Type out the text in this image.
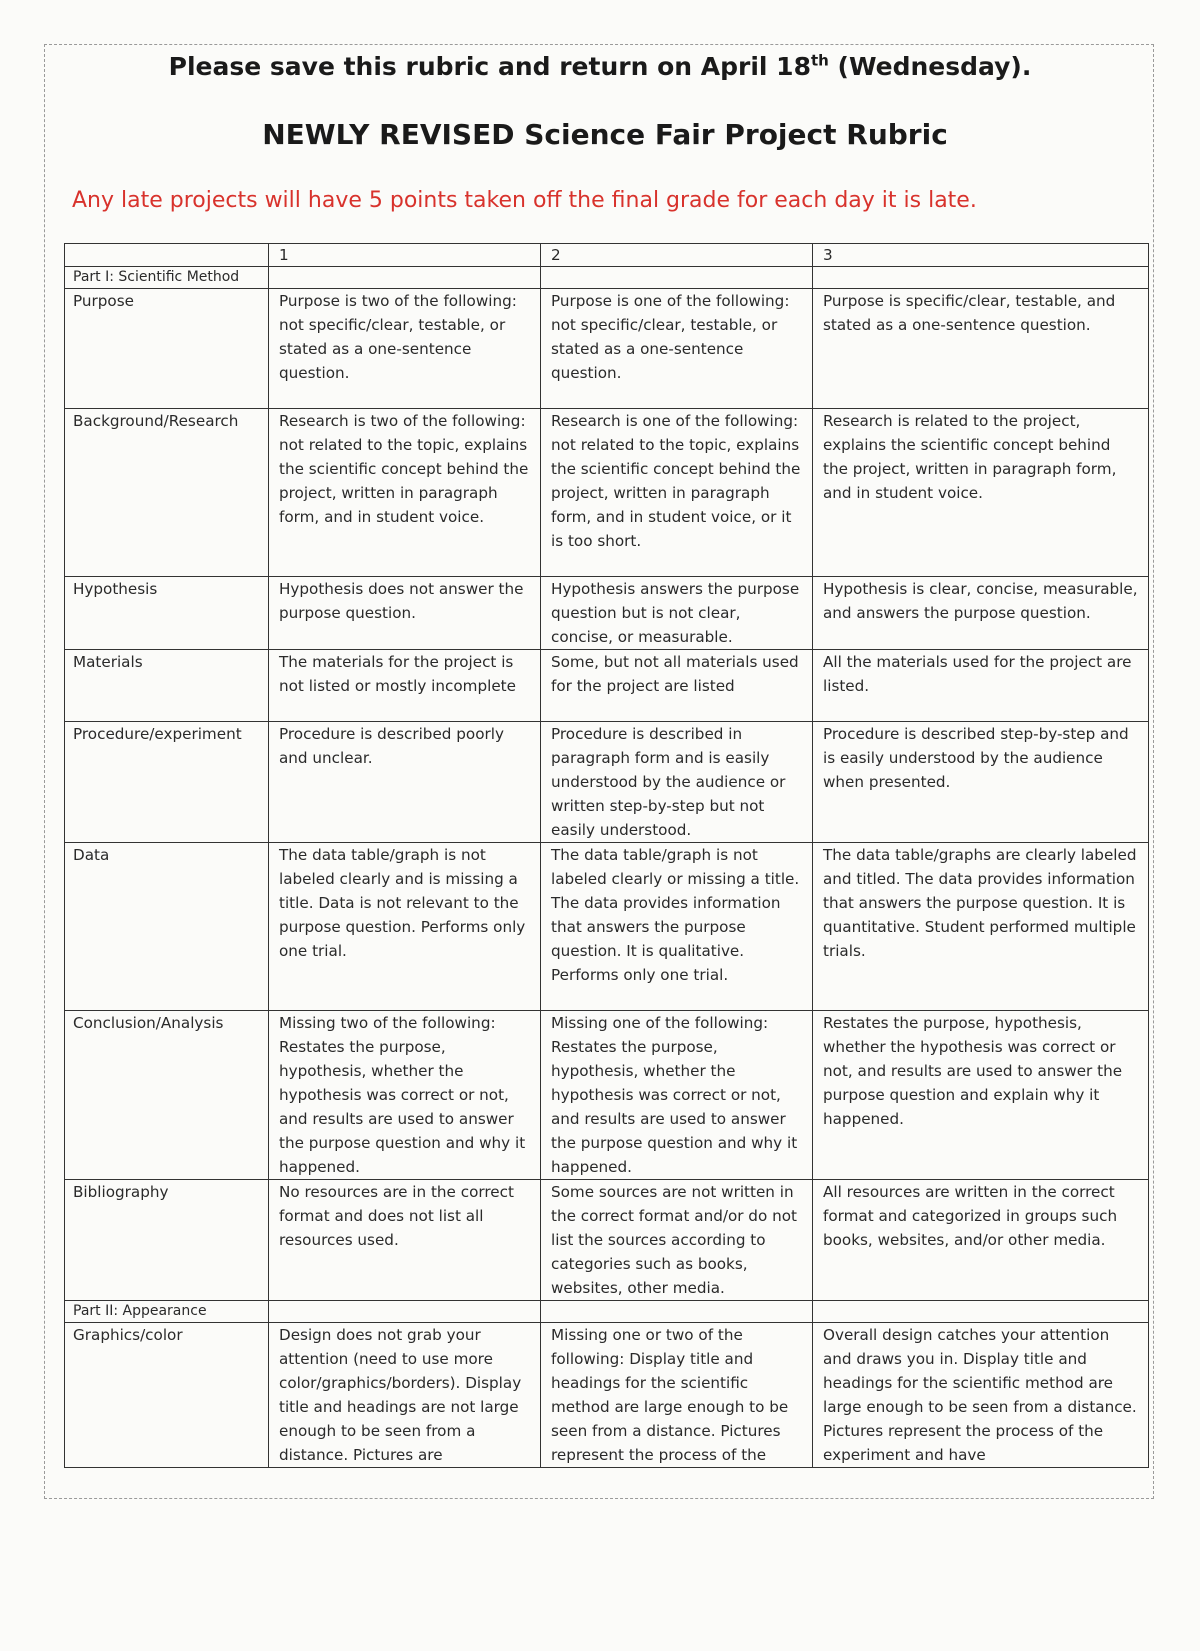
Please save this rubric and return on April 18th (Wednesday).
NEWLY REVISED Science Fair Project Rubric
Any late projects will have 5 points taken off the final grade for each day it is late.
	1	2	3
Part I: Scientific Method			
Purpose	Purpose is two of the following: not specific/clear, testable, or stated as a one-sentence question.	Purpose is one of the following: not specific/clear, testable, or stated as a one-sentence question.	Purpose is specific/clear, testable, and stated as a one-sentence question.
Background/Research	Research is two of the following: not related to the topic, explains the scientific concept behind the project, written in paragraph form, and in student voice.	Research is one of the following: not related to the topic, explains the scientific concept behind the project, written in paragraph form, and in student voice, or it is too short.	Research is related to the project, explains the scientific concept behind the project, written in paragraph form, and in student voice.
Hypothesis	Hypothesis does not answer the purpose question.	Hypothesis answers the purpose question but is not clear, concise, or measurable.	Hypothesis is clear, concise, measurable, and answers the purpose question.
Materials	The materials for the project is not listed or mostly incomplete	Some, but not all materials used for the project are listed	All the materials used for the project are listed.
Procedure/experiment	Procedure is described poorly and unclear.	Procedure is described in paragraph form and is easily understood by the audience or written step-by-step but not easily understood.	Procedure is described step-by-step and is easily understood by the audience when presented.
Data	The data table/graph is not labeled clearly and is missing a title. Data is not relevant to the purpose question. Performs only one trial.	The data table/graph is not labeled clearly or missing a title. The data provides information that answers the purpose question. It is qualitative. Performs only one trial.	The data table/graphs are clearly labeled and titled. The data provides information that answers the purpose question. It is quantitative. Student performed multiple trials.
Conclusion/Analysis	Missing two of the following: Restates the purpose, hypothesis, whether the hypothesis was correct or not, and results are used to answer the purpose question and why it happened.	Missing one of the following: Restates the purpose, hypothesis, whether the hypothesis was correct or not, and results are used to answer the purpose question and why it happened.	Restates the purpose, hypothesis, whether the hypothesis was correct or not, and results are used to answer the purpose question and explain why it happened.
Bibliography	No resources are in the correct format and does not list all resources used.	Some sources are not written in the correct format and/or do not list the sources according to categories such as books, websites, other media.	All resources are written in the correct format and categorized in groups such books, websites, and/or other media.
Part II: Appearance			
Graphics/color	Design does not grab your attention (need to use more color/graphics/borders). Display title and headings are not large enough to be seen from a distance. Pictures are	Missing one or two of the following: Display title and headings for the scientific method are large enough to be seen from a distance. Pictures represent the process of the	Overall design catches your attention and draws you in. Display title and headings for the scientific method are large enough to be seen from a distance. Pictures represent the process of the experiment and have
